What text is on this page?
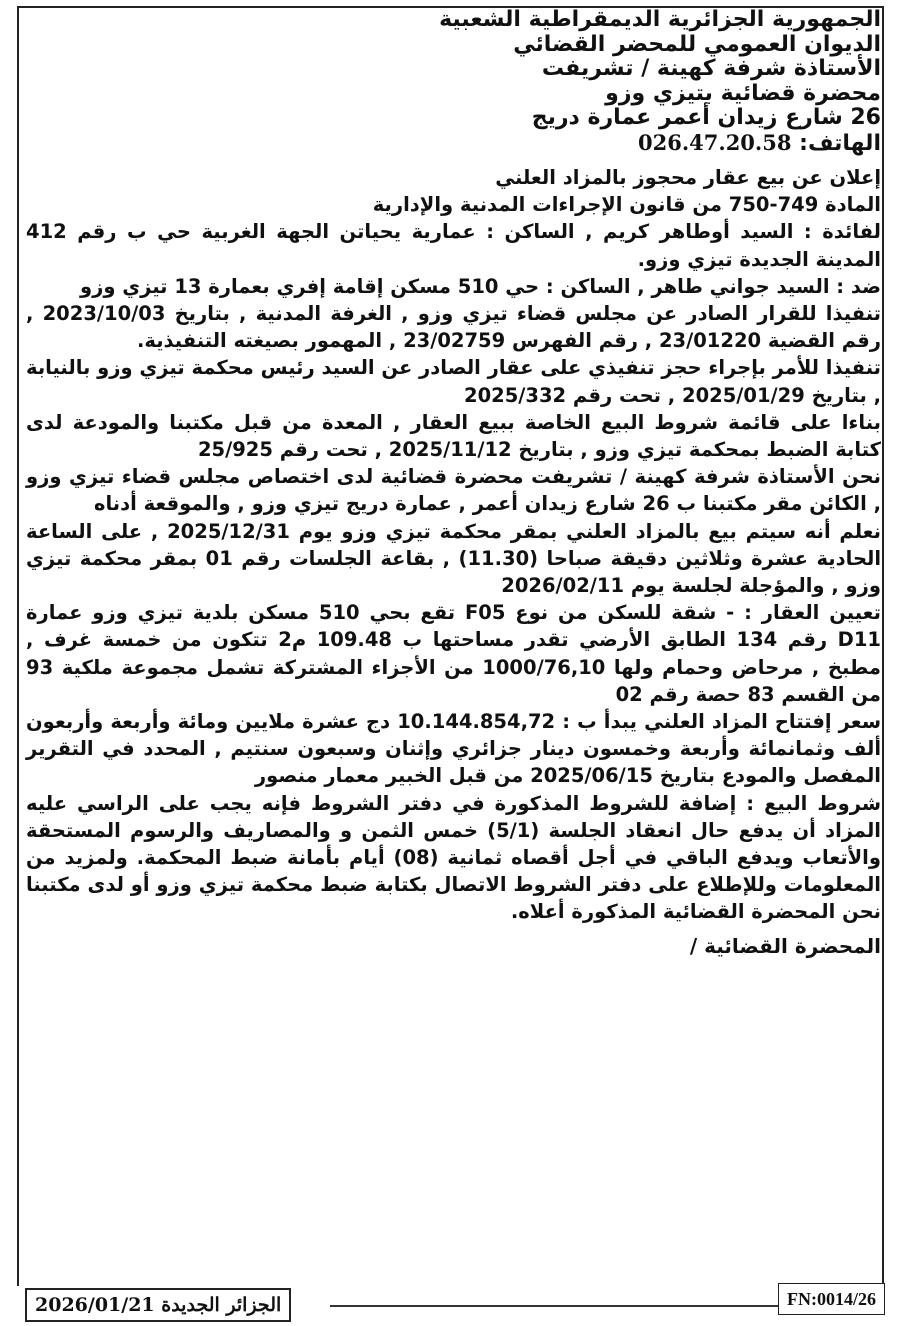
الجمهورية الجزائرية الديمقراطية الشعبية

الديوان العمومي للمحضر القضائي

الأستاذة شرفة كهينة / تشريفت

محضرة قضائية بتيزي وزو

26 شارع زيدان أعمر عمارة دريج

الهاتف: 026.47.20.58

إعلان عن بيع عقار محجوز بالمزاد العلني

المادة 749-750 من قانون الإجراءات المدنية والإدارية

لفائدة : السيد أوطاهر كريم , الساكن : عمارية يحياتن الجهة الغربية حي ب رقم 412 المدينة الجديدة تيزي وزو.

ضد : السيد جواني طاهر , الساكن : حي 510 مسكن إقامة إفري بعمارة 13 تيزي وزو

تنفيذا للقرار الصادر عن مجلس قضاء تيزي وزو , الغرفة المدنية , بتاريخ 2023/10/03 , رقم القضية 23/01220 , رقم الفهرس 23/02759 , المهمور بصيغته التنفيذية.

تنفيذا للأمر بإجراء حجز تنفيذي على عقار الصادر عن السيد رئيس محكمة تيزي وزو بالنيابة , بتاريخ 2025/01/29 , تحت رقم 2025/332

بناءا على قائمة شروط البيع الخاصة ببيع العقار , المعدة من قبل مكتبنا والمودعة لدى كتابة الضبط بمحكمة تيزي وزو , بتاريخ 2025/11/12 , تحت رقم 25/925

نحن الأستاذة شرفة كهينة / تشريفت محضرة قضائية لدى اختصاص مجلس قضاء تيزي وزو , الكائن مقر مكتبنا ب 26 شارع زيدان أعمر , عمارة دريج تيزي وزو , والموقعة أدناه

نعلم أنه سيتم بيع بالمزاد العلني بمقر محكمة تيزي وزو يوم 2025/12/31 , على الساعة الحادية عشرة وثلاثين دقيقة صباحا (11.30) , بقاعة الجلسات رقم 01 بمقر محكمة تيزي وزو , والمؤجلة لجلسة يوم 2026/02/11

تعيين العقار : - شقة للسكن من نوع F05 تقع بحي 510 مسكن بلدية تيزي وزو عمارة D11 رقم 134 الطابق الأرضي تقدر مساحتها ب 109.48 م2 تتكون من خمسة غرف , مطبخ , مرحاض وحمام ولها 1000/76,10 من الأجزاء المشتركة تشمل مجموعة ملكية 93 من القسم 83 حصة رقم 02

سعر إفتتاح المزاد العلني يبدأ ب : 10.144.854,72 دج عشرة ملايين ومائة وأربعة وأربعون ألف وثمانمائة وأربعة وخمسون دينار جزائري وإثنان وسبعون سنتيم , المحدد في التقرير المفصل والمودع بتاريخ 2025/06/15 من قبل الخبير معمار منصور

شروط البيع : إضافة للشروط المذكورة في دفتر الشروط فإنه يجب على الراسي عليه المزاد أن يدفع حال انعقاد الجلسة (5/1) خمس الثمن و والمصاريف والرسوم المستحقة والأتعاب ويدفع الباقي في أجل أقصاه ثمانية (08) أيام بأمانة ضبط المحكمة. ولمزيد من المعلومات وللإطلاع على دفتر الشروط الاتصال بكتابة ضبط محكمة تيزي وزو أو لدى مكتبنا نحن المحضرة القضائية المذكورة أعلاه.

المحضرة القضائية /

الجزائر الجديدة 2026/01/21	FN:0014/26
